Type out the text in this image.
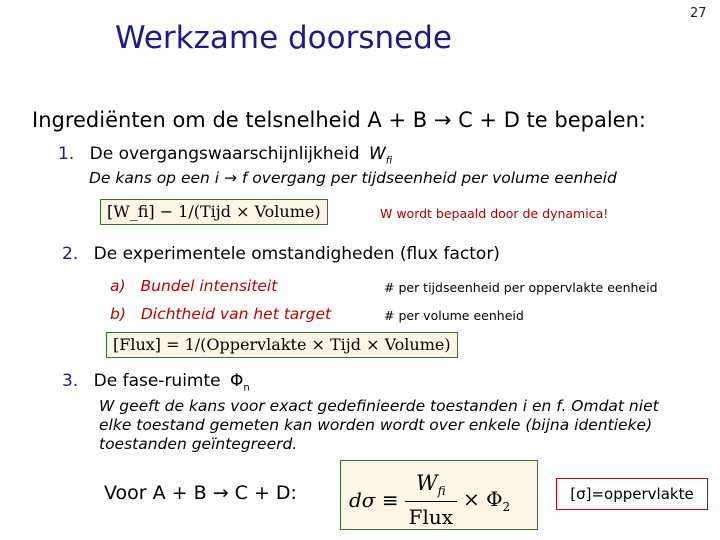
27
Werkzame doorsnede
Ingrediënten om de telsnelheid A + B → C + D te bepalen:
1. De overgangswaarschijnlijkheid $W_{fi}$
De kans op een i → f overgang per tijdseenheid per volume eenheid
[W_fi] − 1/(Tijd × Volume)	W wordt bepaald door de dynamica!
2. De experimentele omstandigheden (flux factor)
a) Bundel intensiteit	# per tijdseenheid per oppervlakte eenheid
b) Dichtheid van het target	# per volume eenheid
[Flux] = 1/(Oppervlakte × Tijd × Volume)
3. De fase-ruimte $\Phi_n$
W geeft de kans voor exact gedefinieerde toestanden i en f. Omdat niet
elke toestand gemeten kan worden wordt over enkele (bijna identieke)
toestanden geïntegreerd.
Voor A + B → C + D:	$d\sigma \equiv \frac{W_{fi}}{\text{Flux}} \times \Phi_2$
[σ]=oppervlakte
